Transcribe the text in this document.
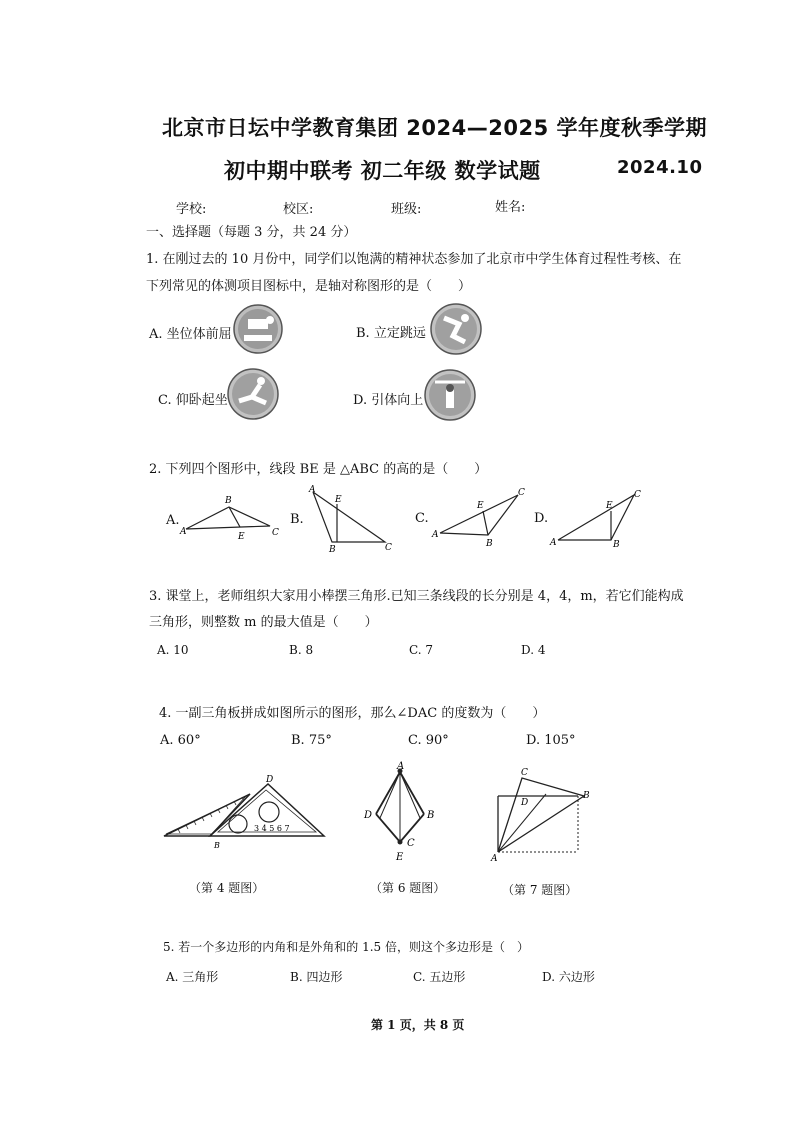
北京市日坛中学教育集团 2024—2025 学年度秋季学期
初中期中联考 初二年级 数学试题	2024.10
学校:	校区:	班级:	姓名:
一、选择题（每题 3 分，共 24 分）
1. 在刚过去的 10 月份中，同学们以饱满的精神状态参加了北京市中学生体育过程性考核、在
下列常见的体测项目图标中，是轴对称图形的是（　　）
A. 坐位体前屈	B. 立定跳远
C. 仰卧起坐	D. 引体向上
2. 下列四个图形中，线段 BE 是 △ABC 的高的是（　　）
A.
A
B
C
E
B.
A
E
B	C
C.
A
E
C
B
D.
A
E
C
B
3. 课堂上，老师组织大家用小棒摆三角形.已知三条线段的长分别是 4，4，m，若它们能构成
三角形，则整数 m 的最大值是（　　）
A. 10	B. 8	C. 7	D. 4
4. 一副三角板拼成如图所示的图形，那么∠DAC 的度数为（　　）
A. 60°	B. 75°	C. 90°	D. 105°
D
B
3 4 5 6 7
（第 4 题图）
A
D	B
C
E
（第 6 题图）
C
D
B
A
（第 7 题图）
5. 若一个多边形的内角和是外角和的 1.5 倍，则这个多边形是（　）
A. 三角形	B. 四边形	C. 五边形	D. 六边形
第 1 页，共 8 页
